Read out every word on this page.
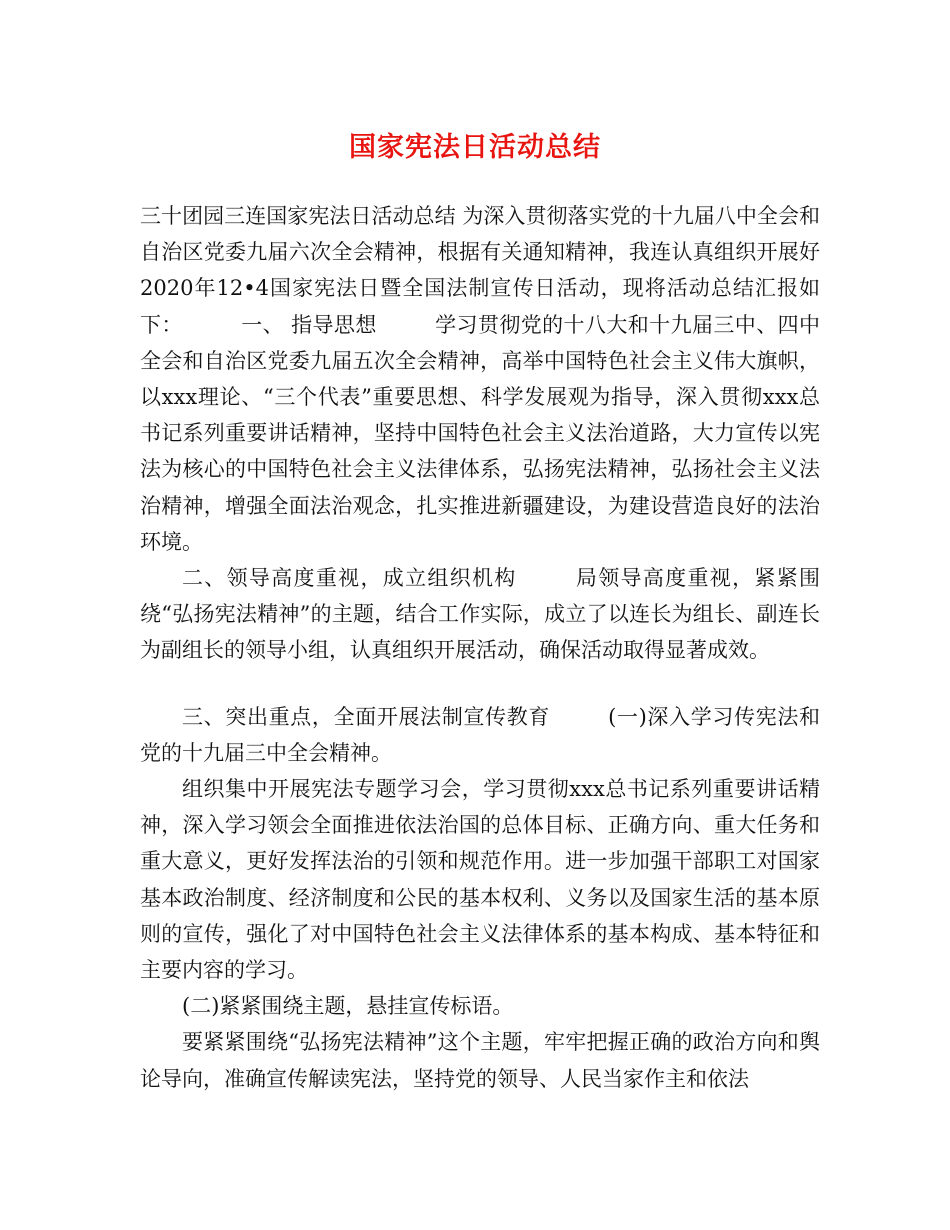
国家宪法日活动总结

三十团园三连国家宪法日活动总结 为深入贯彻落实党的十九届八中全会和自治区党委九届六次全会精神，根据有关通知精神，我连认真组织开展好2020年12•4国家宪法日暨全国法制宣传日活动，现将活动总结汇报如下：	一、 指导思想	学习贯彻党的十八大和十九届三中、四中全会和自治区党委九届五次全会精神，高举中国特色社会主义伟大旗帜，以xxx理论、“三个代表”重要思想、科学发展观为指导，深入贯彻xxx总书记系列重要讲话精神，坚持中国特色社会主义法治道路，大力宣传以宪法为核心的中国特色社会主义法律体系，弘扬宪法精神，弘扬社会主义法治精神，增强全面法治观念，扎实推进新疆建设，为建设营造良好的法治环境。

二、领导高度重视，成立组织机构	局领导高度重视，紧紧围绕“弘扬宪法精神”的主题，结合工作实际，成立了以连长为组长、副连长为副组长的领导小组，认真组织开展活动，确保活动取得显著成效。

三、突出重点，全面开展法制宣传教育	(一)深入学习传宪法和党的十九届三中全会精神。

组织集中开展宪法专题学习会，学习贯彻xxx总书记系列重要讲话精神，深入学习领会全面推进依法治国的总体目标、正确方向、重大任务和重大意义，更好发挥法治的引领和规范作用。进一步加强干部职工对国家基本政治制度、经济制度和公民的基本权利、义务以及国家生活的基本原则的宣传，强化了对中国特色社会主义法律体系的基本构成、基本特征和主要内容的学习。

(二)紧紧围绕主题，悬挂宣传标语。

要紧紧围绕“弘扬宪法精神”这个主题，牢牢把握正确的政治方向和舆论导向，准确宣传解读宪法，坚持党的领导、人民当家作主和依法
